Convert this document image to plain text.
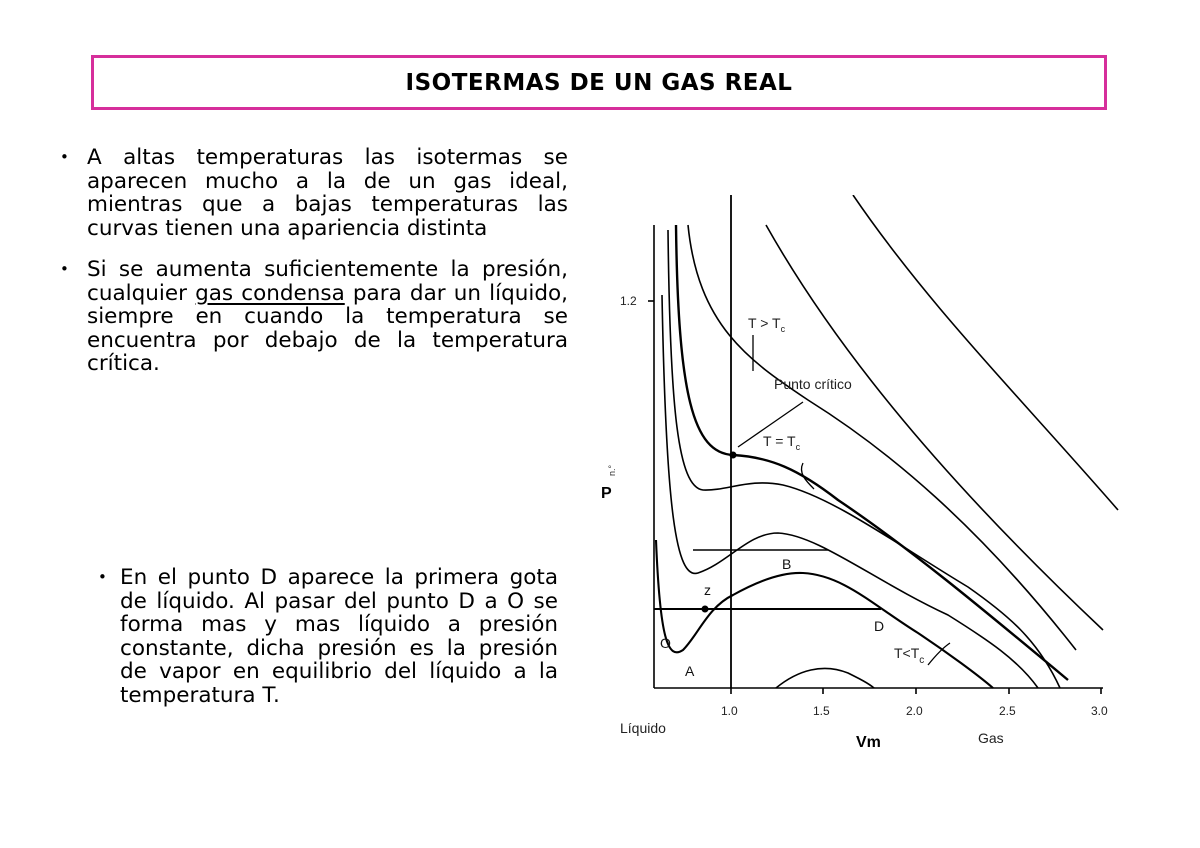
ISOTERMAS DE UN GAS REAL
• A altas temperaturas las isotermas se aparecen mucho a la de un gas ideal, mientras que a bajas temperaturas las curvas tienen una apariencia distinta
• Si se aumenta suficientemente la presión, cualquier gas condensa para dar un líquido, siempre en cuando la temperatura se encuentra por debajo de la temperatura crítica.
• En el punto D aparece la primera gota de líquido. Al pasar del punto D a O se forma mas y mas líquido a presión constante, dicha presión es la presión de vapor en equilibrio del líquido a la temperatura T.
1.2
1.0	1.5	2.0	2.5	3.0
P
n.°
Vm
Líquido
Gas
$T > T_c$
Punto crítico
$T = T_c$
$T<T_c$
A
B
D
O
z
